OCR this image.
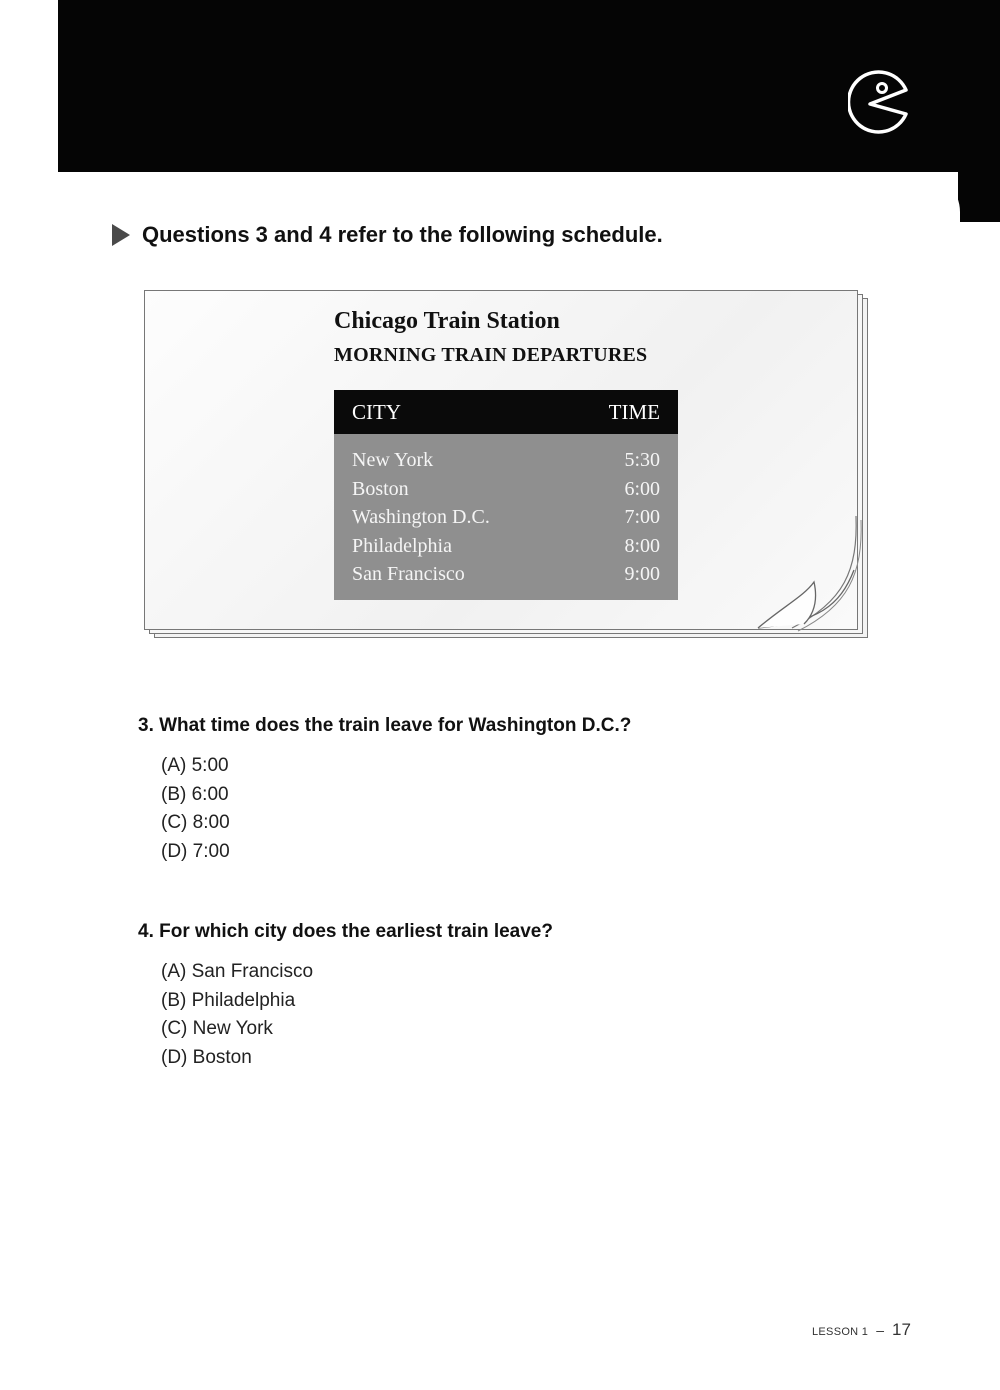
Questions 3 and 4 refer to the following schedule.
Chicago Train Station
MORNING TRAIN DEPARTURES
CITY	TIME
New York	5:30
Boston	6:00
Washington D.C.	7:00
Philadelphia	8:00
San Francisco	9:00
3. What time does the train leave for Washington D.C.?
(A) 5:00
(B) 6:00
(C) 8:00
(D) 7:00
4. For which city does the earliest train leave?
(A) San Francisco
(B) Philadelphia
(C) New York
(D) Boston
LESSON 1 – 17
